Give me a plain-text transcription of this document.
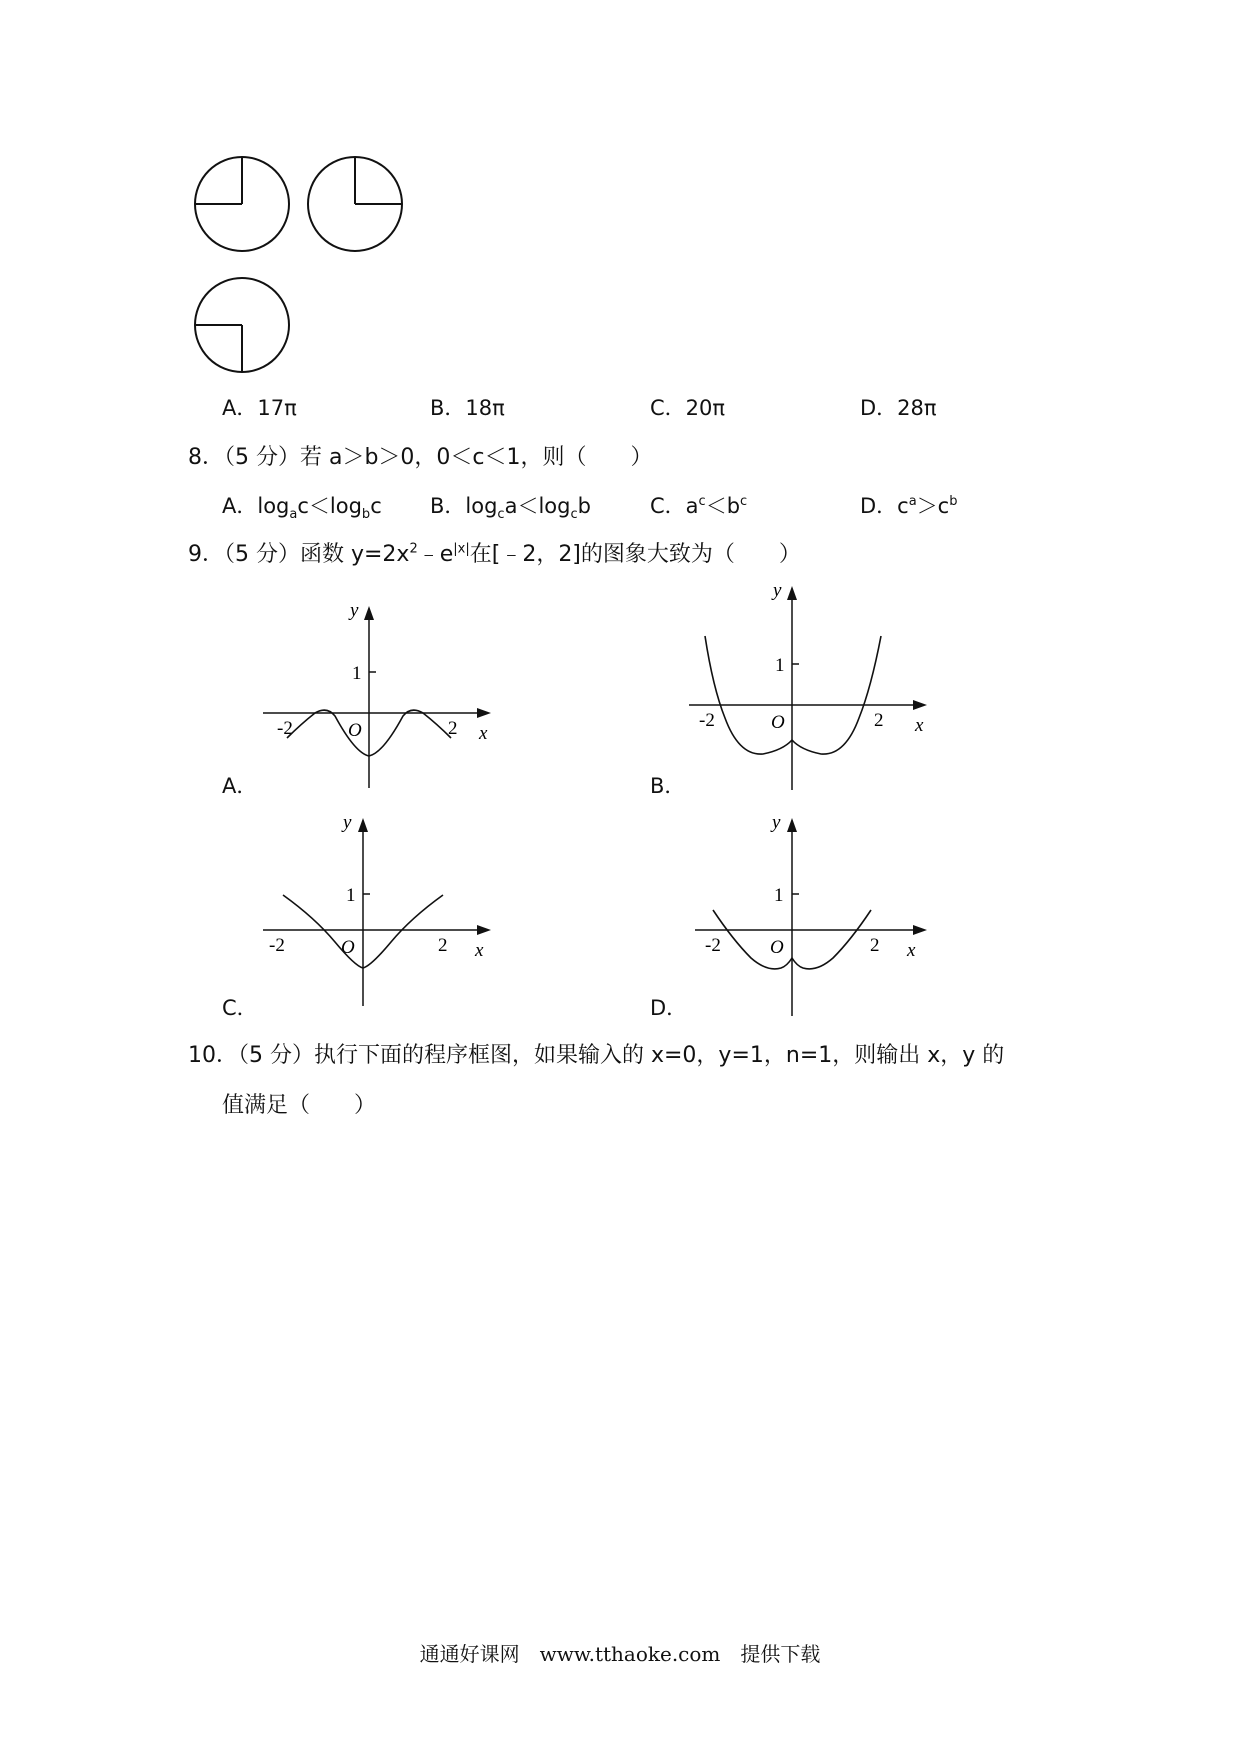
A．17π	B．18π	C．20π	D．28π
8．（5 分）若 a＞b＞0，0＜c＜1，则（　　）
A．$\log_ac<\log_bc$ B．$\log_ca<\log_cb$	C．$a^c<b^c$	D．$c^a>c^b$
9．（5 分）函数 $y=2x^2﹣e^{|x|}$在[﹣2，2]的图象大致为（　　）
y
x
O
1
-2	2
A．
y
x
O
1
-2	2
B．
y
x
O
1
-2	2
C．
y
x
O
1
-2	2
D．
10．（5 分）执行下面的程序框图，如果输入的 x=0，y=1，n=1，则输出 x，y 的
值满足（　　）
通通好课网　www.tthaoke.com　提供下载
